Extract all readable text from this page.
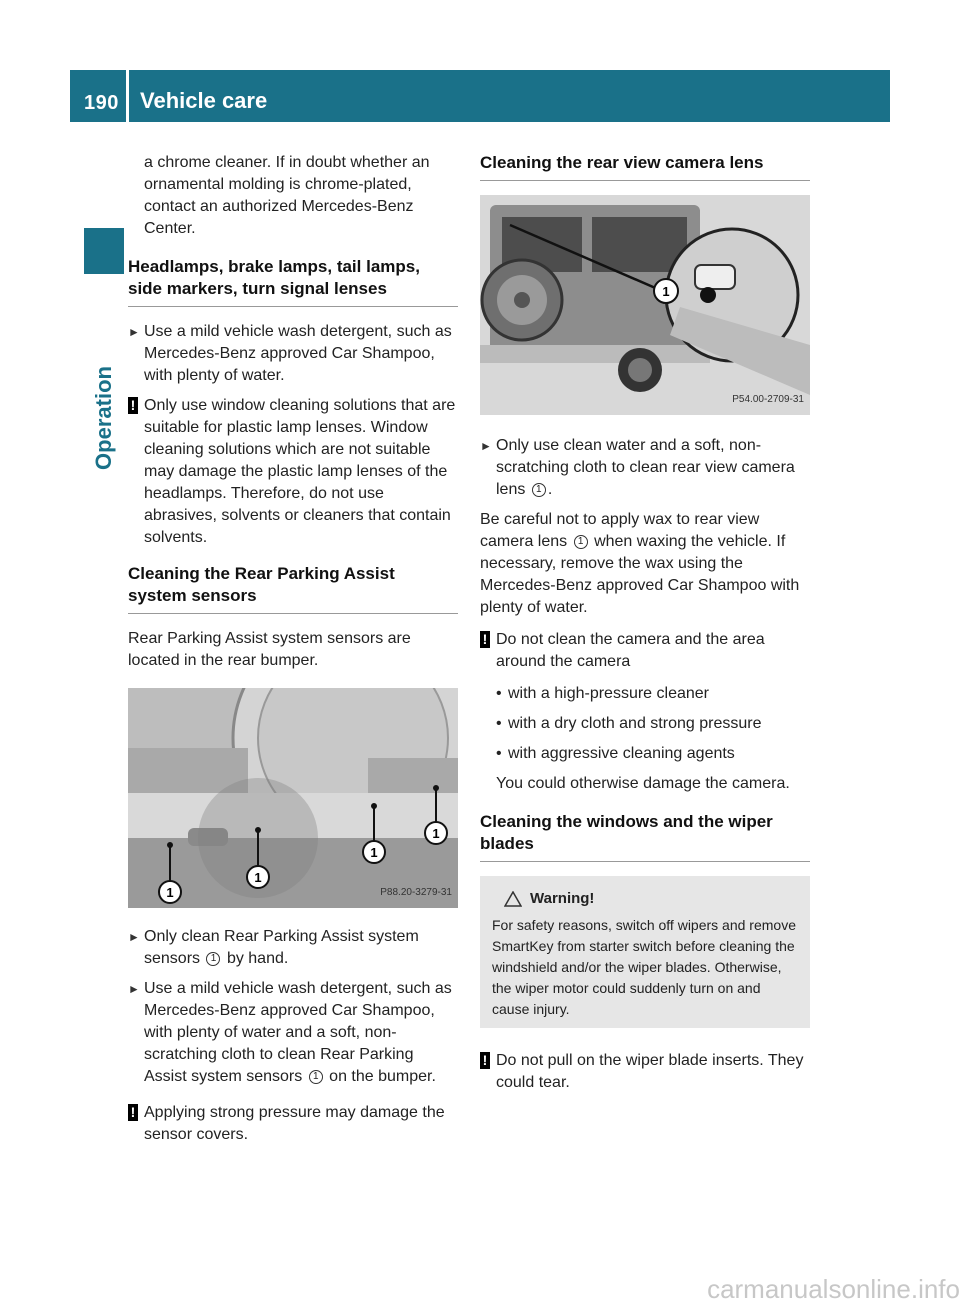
190 Vehicle care
Operation

a chrome cleaner. If in doubt whether an ornamental molding is chrome-plated, contact an authorized Mercedes-Benz Center.

Headlamps, brake lamps, tail lamps, side markers, turn signal lenses
► Use a mild vehicle wash detergent, such as Mercedes-Benz approved Car Shampoo, with plenty of water.
! Only use window cleaning solutions that are suitable for plastic lamp lenses. Window cleaning solutions which are not suitable may damage the plastic lamp lenses of the headlamps. Therefore, do not use abrasives, solvents or cleaners that contain solvents.
Cleaning the Rear Parking Assist system sensors

Rear Parking Assist system sensors are located in the rear bumper.

1
1
1
1
P88.20-3279-31
► Only clean Rear Parking Assist system sensors 1 by hand.
► Use a mild vehicle wash detergent, such as Mercedes-Benz approved Car Shampoo, with plenty of water and a soft, non-scratching cloth to clean Rear Parking Assist system sensors 1 on the bumper.
! Applying strong pressure may damage the sensor covers.
Cleaning the rear view camera lens
1
P54.00-2709-31
► Only use clean water and a soft, non-scratching cloth to clean rear view camera lens 1 .

Be careful not to apply wax to rear view camera lens 1 when waxing the vehicle. If necessary, remove the wax using the Mercedes-Benz approved Car Shampoo with plenty of water.

! Do not clean the camera and the area around the camera
• with a high-pressure cleaner
• with a dry cloth and strong pressure
• with aggressive cleaning agents

You could otherwise damage the camera.

Cleaning the windows and the wiper blades
Warning!

For safety reasons, switch off wipers and remove SmartKey from starter switch before cleaning the windshield and/or the wiper blades. Otherwise, the wiper motor could suddenly turn on and cause injury.

! Do not pull on the wiper blade inserts. They could tear.
carmanualsonline.info
